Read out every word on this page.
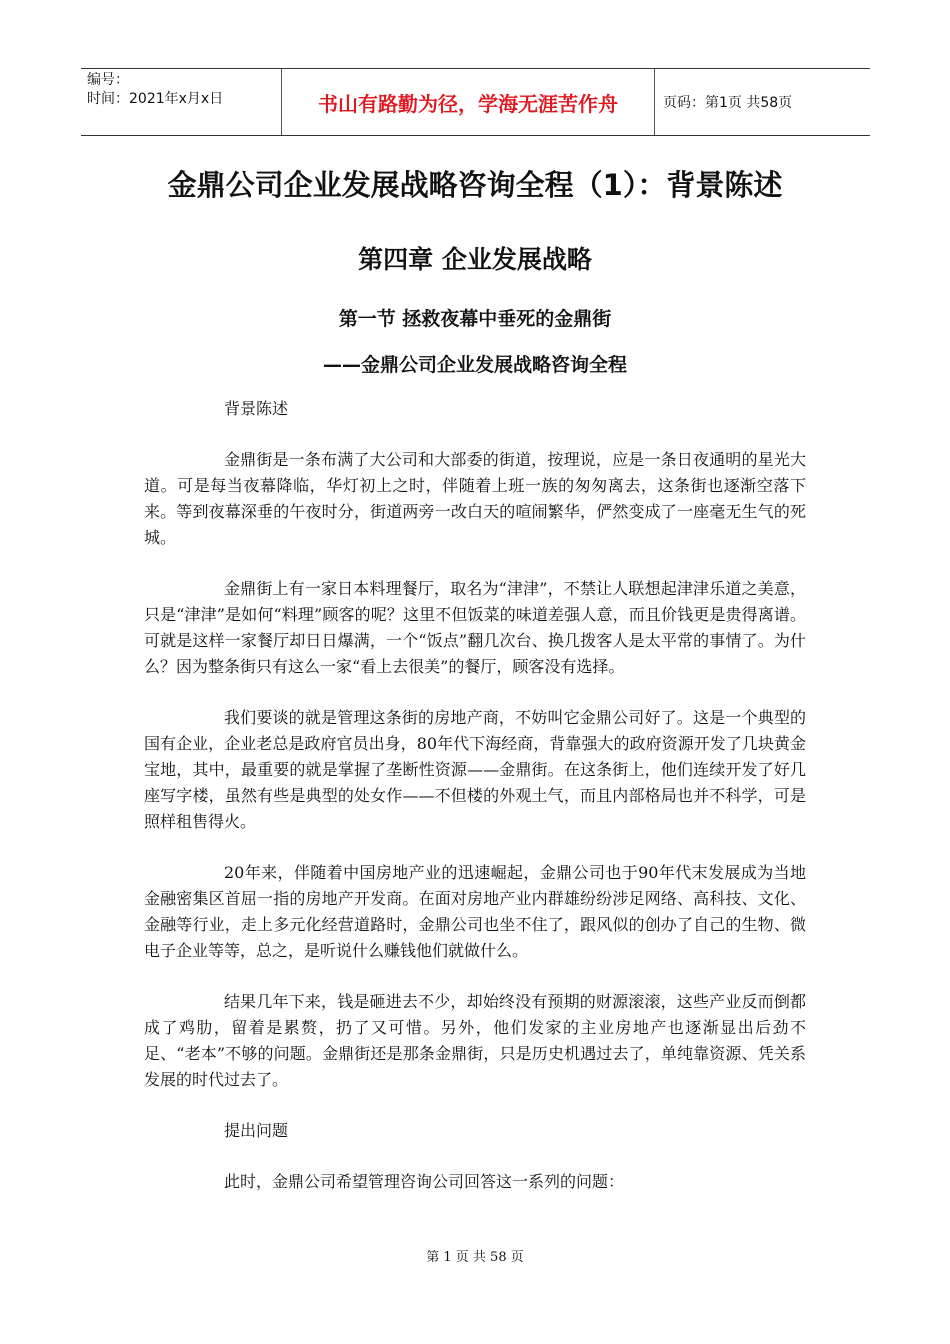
编号：
时间：2021年x月x日	书山有路勤为径，学海无涯苦作舟	页码：第1页 共58页
金鼎公司企业发展战略咨询全程（1）：背景陈述
第四章 企业发展战略
第一节 拯救夜幕中垂死的金鼎街
——金鼎公司企业发展战略咨询全程

背景陈述

金鼎街是一条布满了大公司和大部委的街道，按理说，应是一条日夜通明的星光大道。可是每当夜幕降临，华灯初上之时，伴随着上班一族的匆匆离去，这条街也逐渐空落下来。等到夜幕深垂的午夜时分，街道两旁一改白天的喧闹繁华，俨然变成了一座毫无生气的死城。

金鼎街上有一家日本料理餐厅，取名为“津津”，不禁让人联想起津津乐道之美意，只是“津津”是如何“料理”顾客的呢？这里不但饭菜的味道差强人意，而且价钱更是贵得离谱。可就是这样一家餐厅却日日爆满，一个“饭点”翻几次台、换几拨客人是太平常的事情了。为什么？因为整条街只有这么一家“看上去很美”的餐厅，顾客没有选择。

我们要谈的就是管理这条街的房地产商，不妨叫它金鼎公司好了。这是一个典型的国有企业，企业老总是政府官员出身，80年代下海经商，背靠强大的政府资源开发了几块黄金宝地，其中，最重要的就是掌握了垄断性资源——金鼎街。在这条街上，他们连续开发了好几座写字楼，虽然有些是典型的处女作——不但楼的外观土气，而且内部格局也并不科学，可是照样租售得火。

20年来，伴随着中国房地产业的迅速崛起，金鼎公司也于90年代末发展成为当地金融密集区首屈一指的房地产开发商。在面对房地产业内群雄纷纷涉足网络、高科技、文化、金融等行业，走上多元化经营道路时，金鼎公司也坐不住了，跟风似的创办了自己的生物、微电子企业等等，总之，是听说什么赚钱他们就做什么。

结果几年下来，钱是砸进去不少，却始终没有预期的财源滚滚，这些产业反而倒都成了鸡肋，留着是累赘，扔了又可惜。另外，他们发家的主业房地产也逐渐显出后劲不足、“老本”不够的问题。金鼎街还是那条金鼎街，只是历史机遇过去了，单纯靠资源、凭关系发展的时代过去了。

提出问题

此时，金鼎公司希望管理咨询公司回答这一系列的问题：

第 1 页 共 58 页
